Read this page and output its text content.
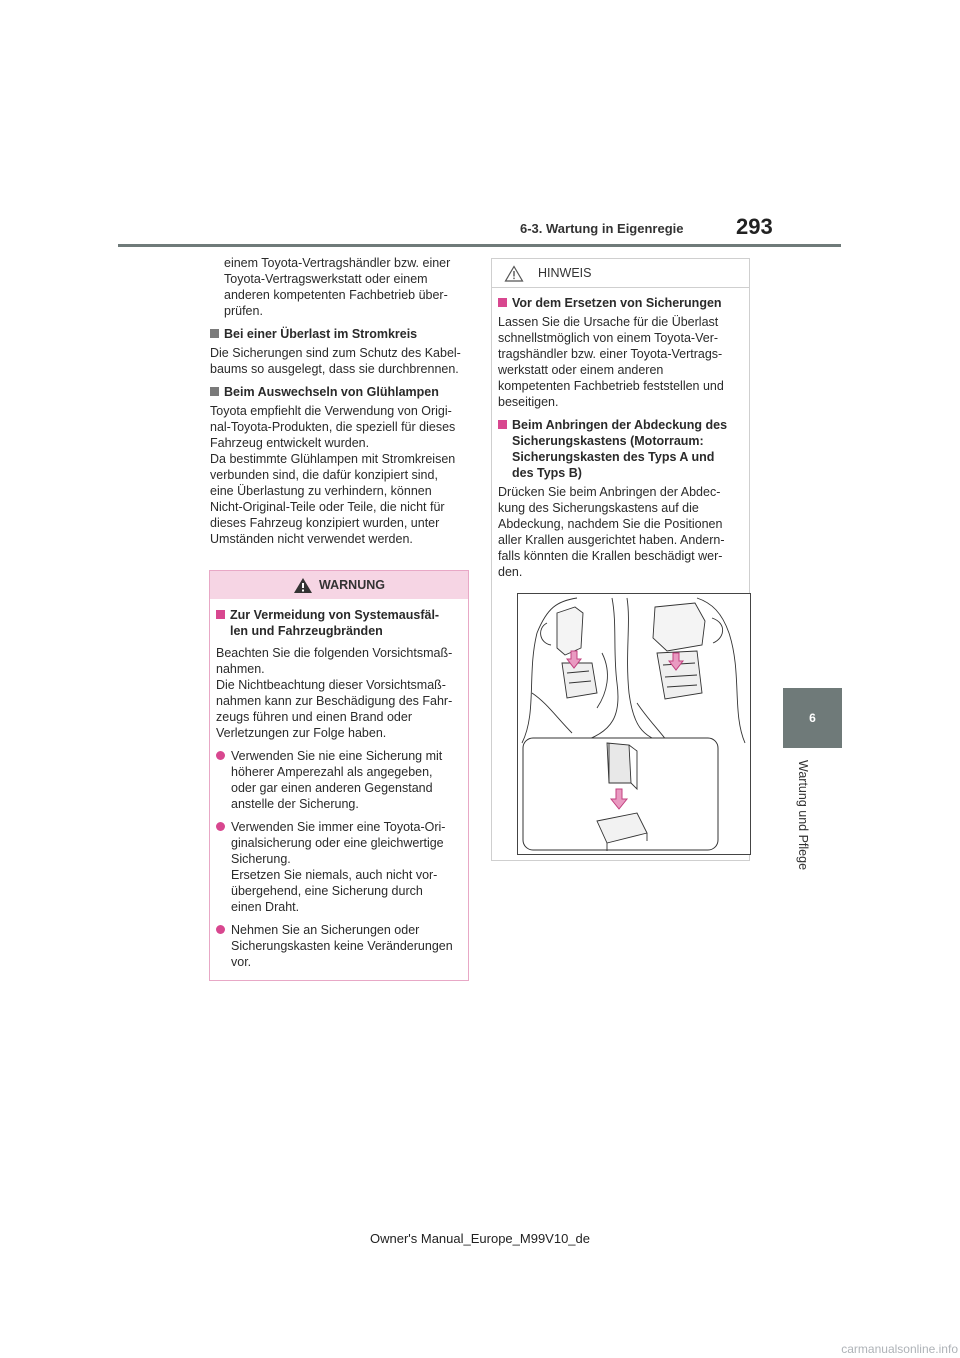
6-3. Wartung in Eigenregie 293
6
Wartung und Pflege

einem Toyota-Vertragshändler bzw. einer
Toyota-Vertragswerkstatt oder einem
anderen kompetenten Fachbetrieb über-
prüfen.

Bei einer Überlast im Stromkreis

Die Sicherungen sind zum Schutz des Kabel-
baums so ausgelegt, dass sie durchbrennen.

Beim Auswechseln von Glühlampen

Toyota empfiehlt die Verwendung von Origi-
nal-Toyota-Produkten, die speziell für dieses
Fahrzeug entwickelt wurden.
Da bestimmte Glühlampen mit Stromkreisen
verbunden sind, die dafür konzipiert sind,
eine Überlastung zu verhindern, können
Nicht-Original-Teile oder Teile, die nicht für
dieses Fahrzeug konzipiert wurden, unter
Umständen nicht verwendet werden.

WARNUNG
Zur Vermeidung von Systemausfäl-
len und Fahrzeugbränden

Beachten Sie die folgenden Vorsichtsmaß-
nahmen.
Die Nichtbeachtung dieser Vorsichtsmaß-
nahmen kann zur Beschädigung des Fahr-
zeugs führen und einen Brand oder
Verletzungen zur Folge haben.

Verwenden Sie nie eine Sicherung mit
höherer Amperezahl als angegeben,
oder gar einen anderen Gegenstand
anstelle der Sicherung.
Verwenden Sie immer eine Toyota-Ori-
ginalsicherung oder eine gleichwertige
Sicherung.
Ersetzen Sie niemals, auch nicht vor-
übergehend, eine Sicherung durch
einen Draht.
Nehmen Sie an Sicherungen oder
Sicherungskasten keine Veränderungen
vor.
HINWEIS
Vor dem Ersetzen von Sicherungen

Lassen Sie die Ursache für die Überlast
schnellstmöglich von einem Toyota-Ver-
tragshändler bzw. einer Toyota-Vertrags-
werkstatt oder einem anderen
kompetenten Fachbetrieb feststellen und
beseitigen.

Beim Anbringen der Abdeckung des
Sicherungskastens (Motorraum:
Sicherungskasten des Typs A und
des Typs B)

Drücken Sie beim Anbringen der Abdec-
kung des Sicherungskastens auf die
Abdeckung, nachdem Sie die Positionen
aller Krallen ausgerichtet haben. Andern-
falls könnten die Krallen beschädigt wer-
den.

Owner's Manual_Europe_M99V10_de
carmanualsonline.info
